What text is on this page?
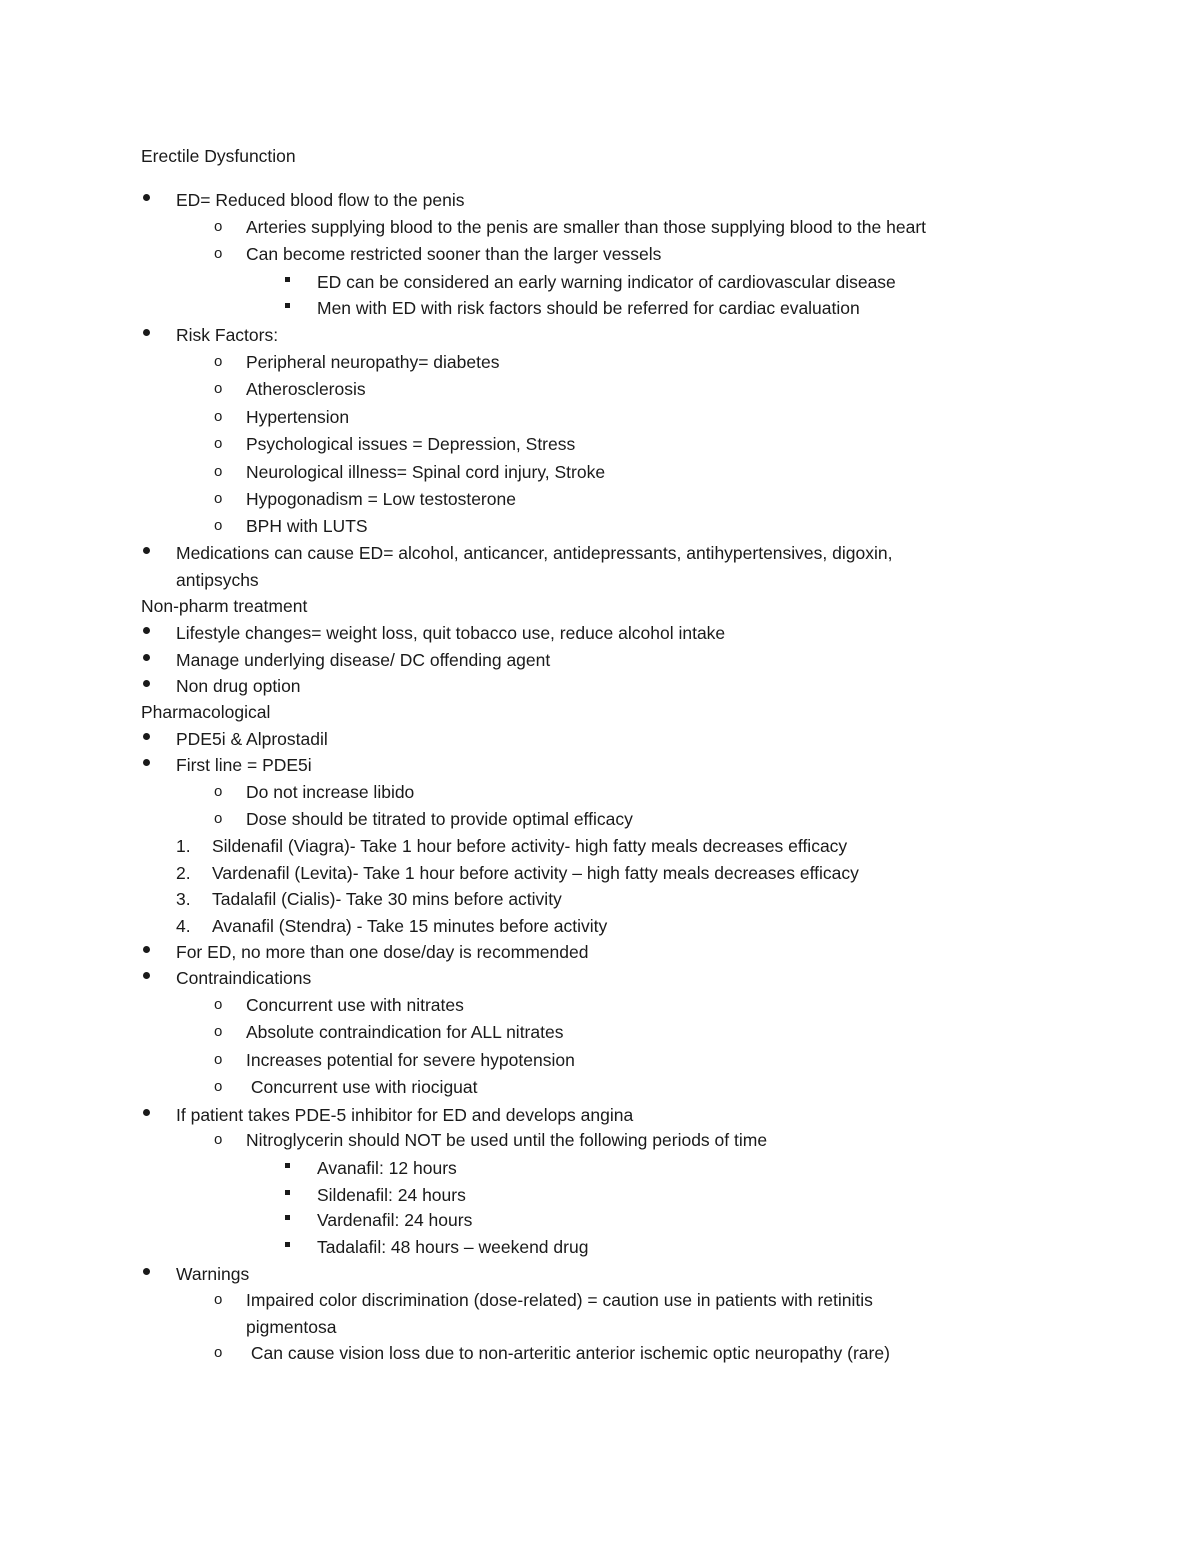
Erectile Dysfunction
ED= Reduced blood flow to the penis
o Arteries supplying blood to the penis are smaller than those supplying blood to the heart
o Can become restricted sooner than the larger vessels
ED can be considered an early warning indicator of cardiovascular disease
Men with ED with risk factors should be referred for cardiac evaluation
Risk Factors:
o Peripheral neuropathy= diabetes
o Atherosclerosis
o Hypertension
o Psychological issues = Depression, Stress
o Neurological illness= Spinal cord injury, Stroke
o Hypogonadism = Low testosterone
o BPH with LUTS
Medications can cause ED= alcohol, anticancer, antidepressants, antihypertensives, digoxin,
antipsychs
Non-pharm treatment
Lifestyle changes= weight loss, quit tobacco use, reduce alcohol intake
Manage underlying disease/ DC offending agent
Non drug option
Pharmacological
PDE5i & Alprostadil
First line = PDE5i
o Do not increase libido
o Dose should be titrated to provide optimal efficacy
1. Sildenafil (Viagra)- Take 1 hour before activity- high fatty meals decreases efficacy
2. Vardenafil (Levita)- Take 1 hour before activity – high fatty meals decreases efficacy
3. Tadalafil (Cialis)- Take 30 mins before activity
4. Avanafil (Stendra) - Take 15 minutes before activity
For ED, no more than one dose/day is recommended
Contraindications
o Concurrent use with nitrates
o Absolute contraindication for ALL nitrates
o Increases potential for severe hypotension
o Concurrent use with riociguat
If patient takes PDE-5 inhibitor for ED and develops angina
o Nitroglycerin should NOT be used until the following periods of time
Avanafil: 12 hours
Sildenafil: 24 hours
Vardenafil: 24 hours
Tadalafil: 48 hours – weekend drug
Warnings
o Impaired color discrimination (dose-related) = caution use in patients with retinitis
pigmentosa
o Can cause vision loss due to non-arteritic anterior ischemic optic neuropathy (rare)
